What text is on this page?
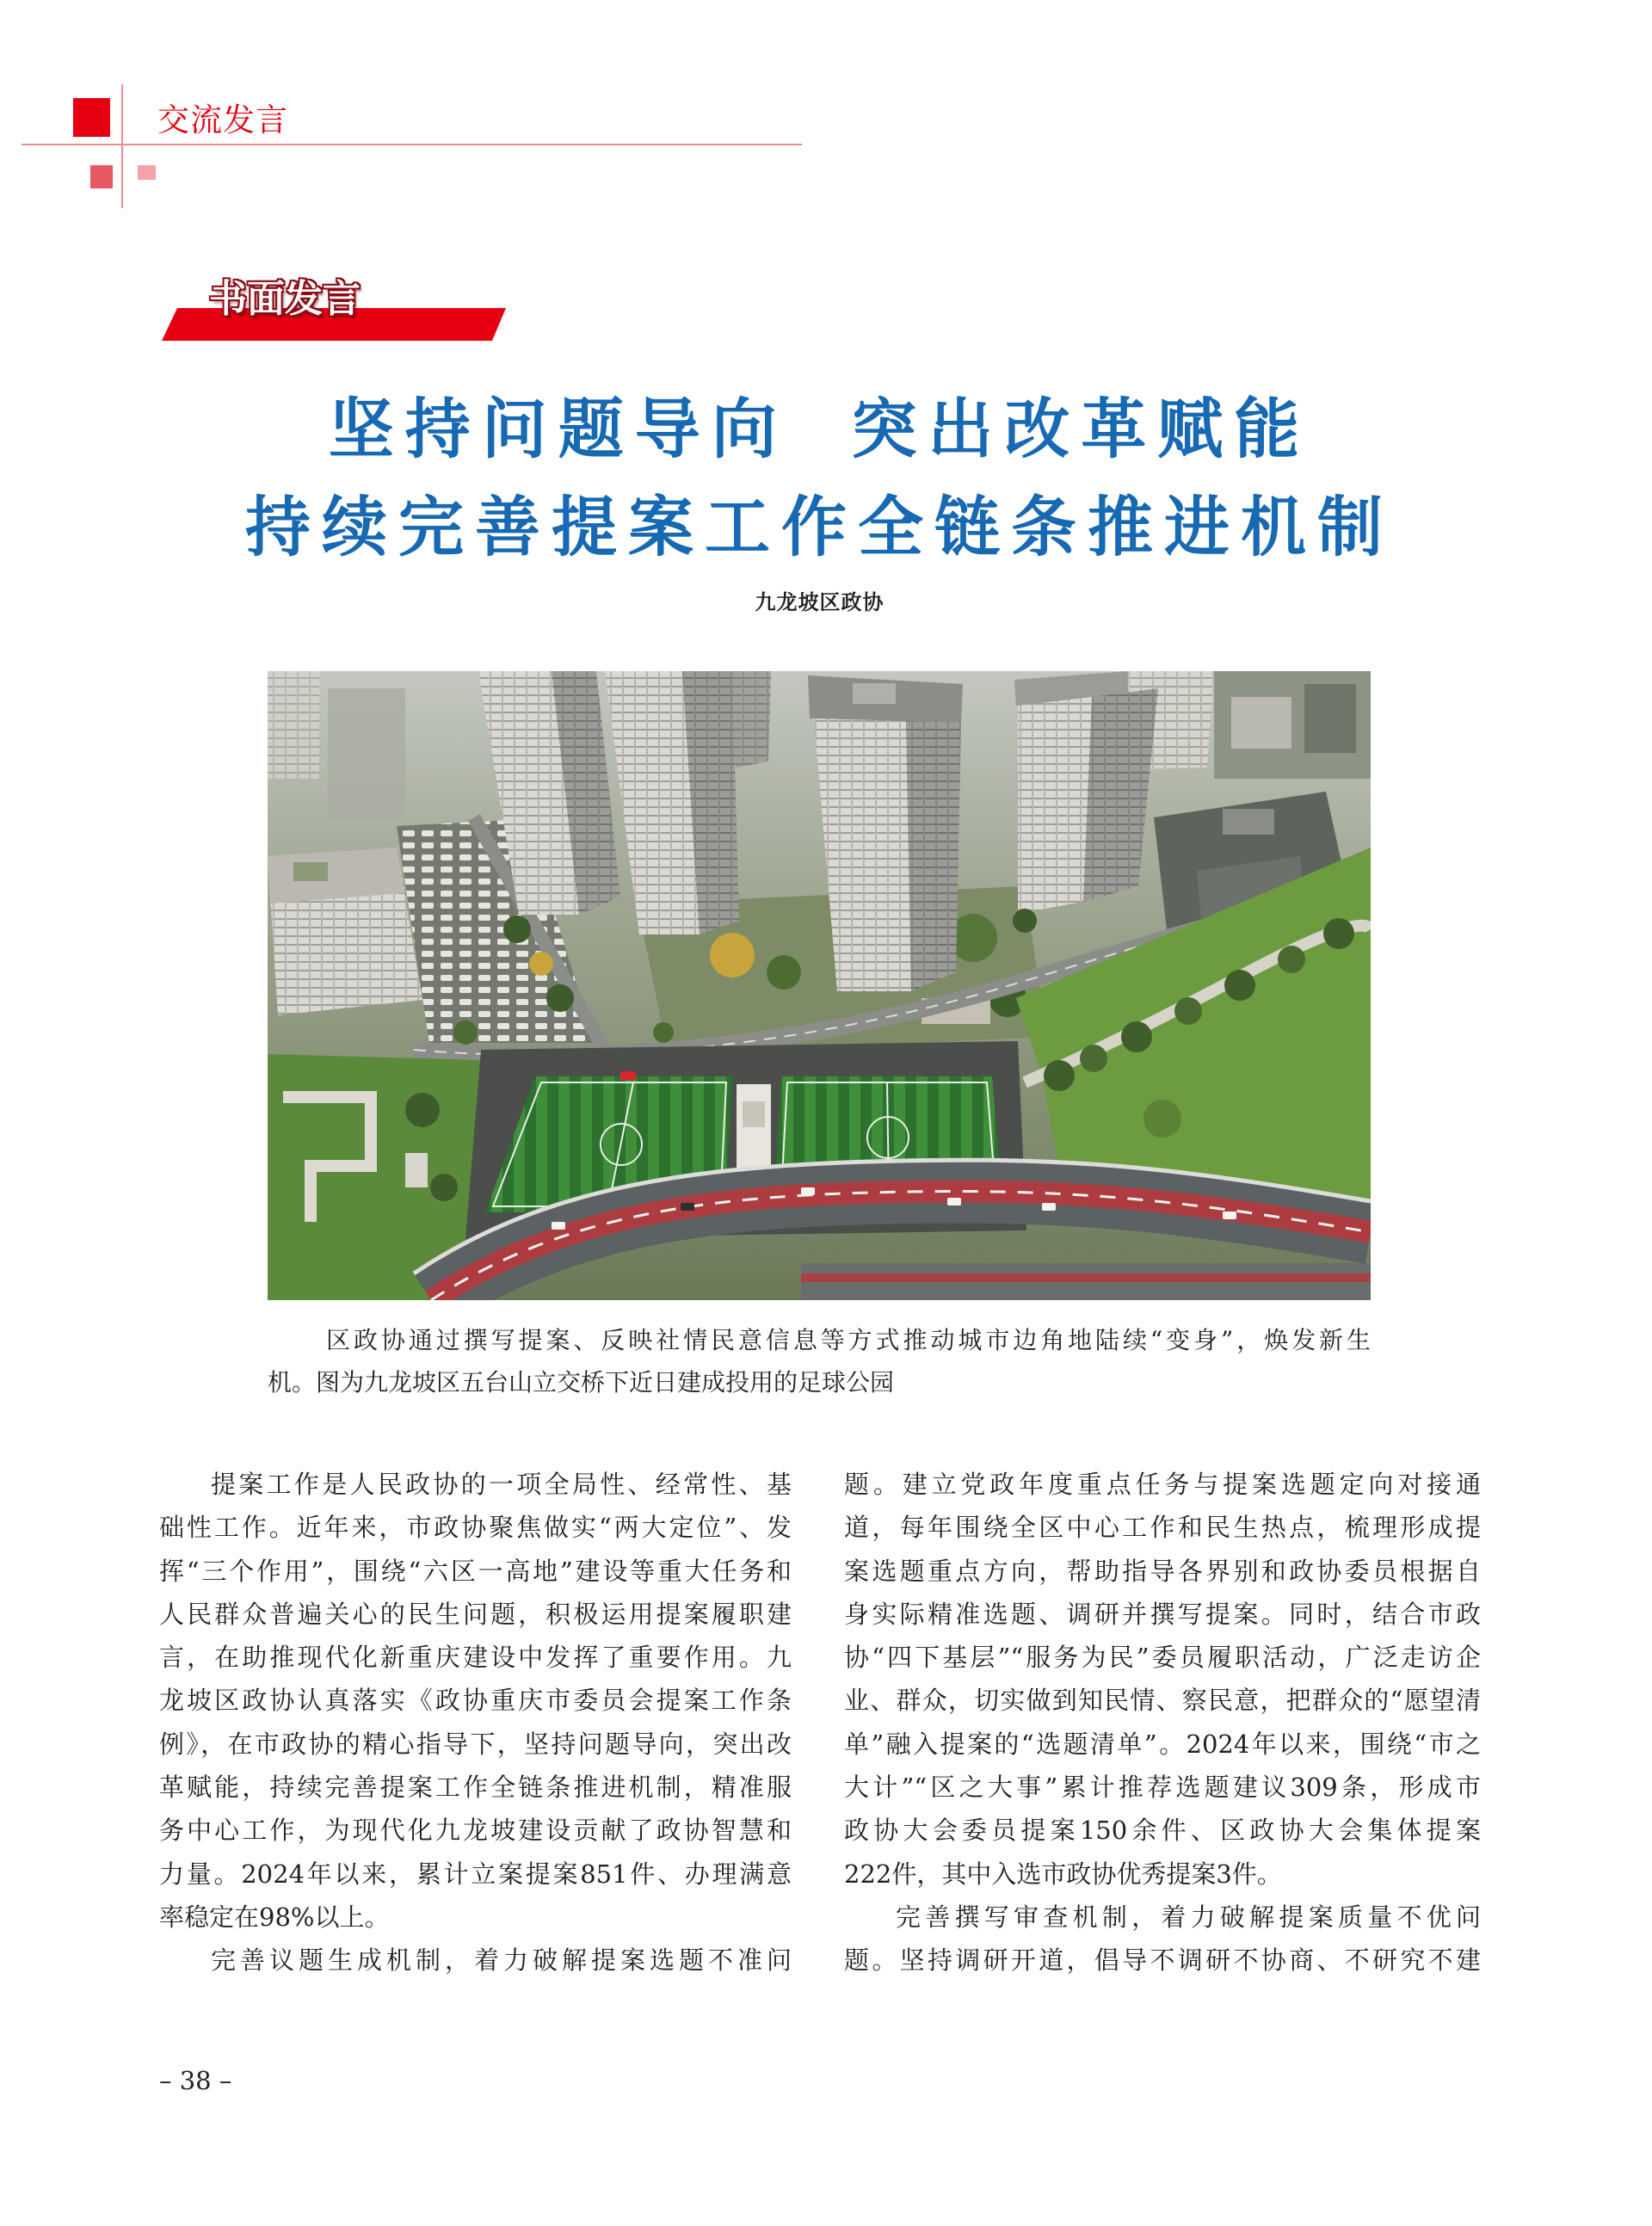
交流发言
书面发言
坚持问题导向 突出改革赋能
持续完善提案工作全链条推进机制
九龙坡区政协
区政协通过撰写提案、反映社情民意信息等方式推动城市边角地陆续“变身”，焕发新生
机。图为九龙坡区五台山立交桥下近日建成投用的足球公园
提案工作是人民政协的一项全局性、经常性、基
础性工作。近年来，市政协聚焦做实“两大定位”、发
挥“三个作用”，围绕“六区一高地”建设等重大任务和
人民群众普遍关心的民生问题，积极运用提案履职建
言，在助推现代化新重庆建设中发挥了重要作用。九
龙坡区政协认真落实《政协重庆市委员会提案工作条
例》，在市政协的精心指导下，坚持问题导向，突出改
革赋能，持续完善提案工作全链条推进机制，精准服
务中心工作，为现代化九龙坡建设贡献了政协智慧和
力量。2024年以来，累计立案提案851件、办理满意
率稳定在98%以上。
完善议题生成机制，着力破解提案选题不准问
题。建立党政年度重点任务与提案选题定向对接通
道，每年围绕全区中心工作和民生热点，梳理形成提
案选题重点方向，帮助指导各界别和政协委员根据自
身实际精准选题、调研并撰写提案。同时，结合市政
协“四下基层”“服务为民”委员履职活动，广泛走访企
业、群众，切实做到知民情、察民意，把群众的“愿望清
单”融入提案的“选题清单”。2024年以来，围绕“市之
大计”“区之大事”累计推荐选题建议309条，形成市
政协大会委员提案150余件、区政协大会集体提案
222件，其中入选市政协优秀提案3件。
完善撰写审查机制，着力破解提案质量不优问
题。坚持调研开道，倡导不调研不协商、不研究不建
– 38 –
